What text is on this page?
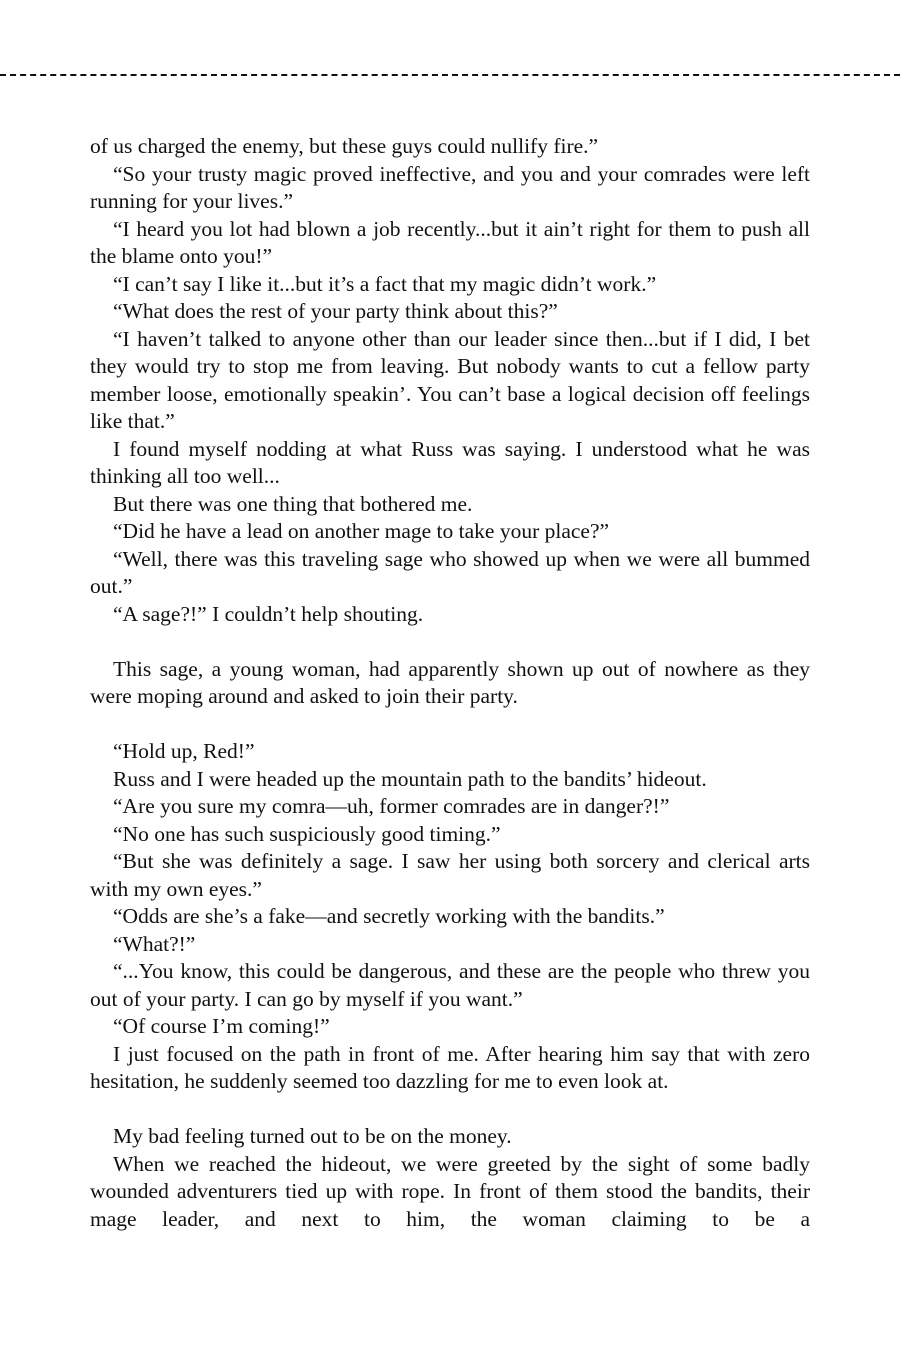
of us charged the enemy, but these guys could nullify fire.”

“So your trusty magic proved ineffective, and you and your comrades were left running for your lives.”

“I heard you lot had blown a job recently...but it ain’t right for them to push all the blame onto you!”

“I can’t say I like it...but it’s a fact that my magic didn’t work.”

“What does the rest of your party think about this?”

“I haven’t talked to anyone other than our leader since then...but if I did, I bet they would try to stop me from leaving. But nobody wants to cut a fellow party member loose, emotionally speakin’. You can’t base a logical decision off feelings like that.”

I found myself nodding at what Russ was saying. I understood what he was thinking all too well...

But there was one thing that bothered me.

“Did he have a lead on another mage to take your place?”

“Well, there was this traveling sage who showed up when we were all bummed out.”

“A sage?!” I couldn’t help shouting.

This sage, a young woman, had apparently shown up out of nowhere as they were moping around and asked to join their party.

“Hold up, Red!”

Russ and I were headed up the mountain path to the bandits’ hideout.

“Are you sure my comra—uh, former comrades are in danger?!”

“No one has such suspiciously good timing.”

“But she was definitely a sage. I saw her using both sorcery and clerical arts with my own eyes.”

“Odds are she’s a fake—and secretly working with the bandits.”

“What?!”

“...You know, this could be dangerous, and these are the people who threw you out of your party. I can go by myself if you want.”

“Of course I’m coming!”

I just focused on the path in front of me. After hearing him say that with zero hesitation, he suddenly seemed too dazzling for me to even look at.

My bad feeling turned out to be on the money.

When we reached the hideout, we were greeted by the sight of some badly wounded adventurers tied up with rope. In front of them stood the bandits, their mage leader, and next to him, the woman claiming to be a
